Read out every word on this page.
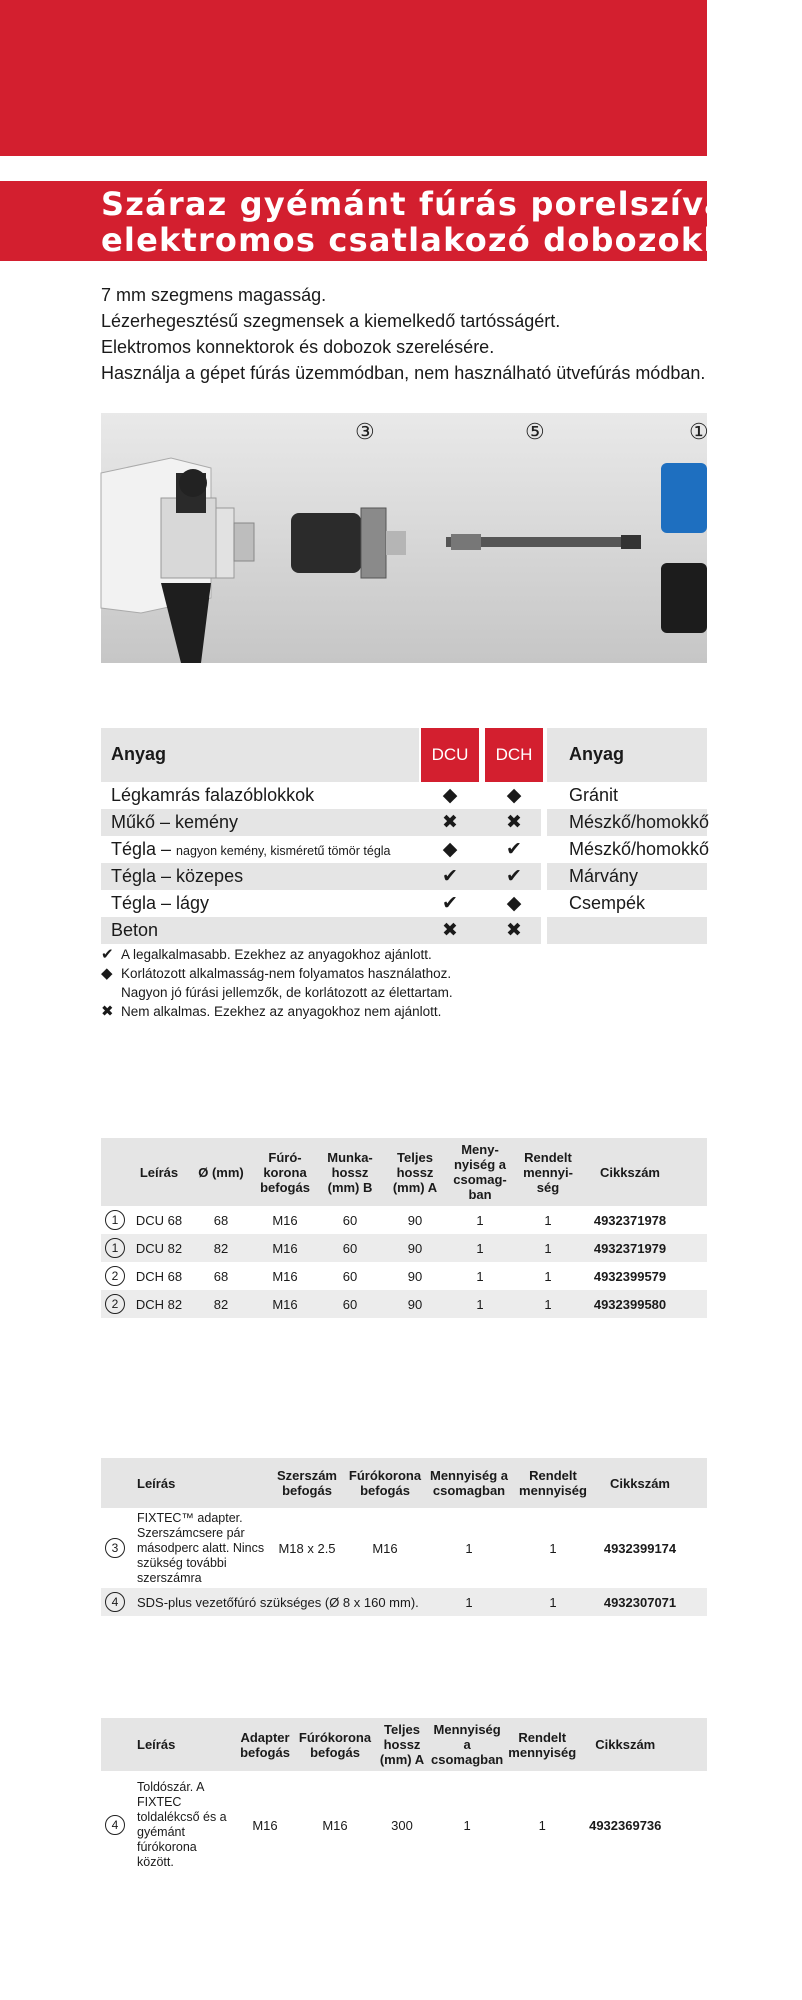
Száraz gyémánt fúrás porelszívással
elektromos csatlakozó dobozokhoz
7 mm szegmens magasság.
Lézerhegesztésű szegmensek a kiemelkedő tartósságért.
Elektromos konnektorok és dobozok szerelésére.
Használja a gépet fúrás üzemmódban, nem használható ütvefúrás módban.
③	⑤	①
Anyag	DCU	DCH	Anyag
Légkamrás falazóblokkok	◆	◆	Gránit
Műkő – kemény	✖	✖	Mészkő/homokkő
Tégla – nagyon kemény, kisméretű tömör tégla	◆	✔	Mészkő/homokkő
Tégla – közepes	✔	✔	Márvány
Tégla – lágy	✔	◆	Csempék
Beton	✖	✖
✔ A legalkalmasabb. Ezekhez az anyagokhoz ajánlott.
◆ Korlátozott alkalmasság-nem folyamatos használathoz.
Nagyon jó fúrási jellemzők, de korlátozott az élettartam.
✖ Nem alkalmas. Ezekhez az anyagokhoz nem ajánlott.
	Leírás	Ø (mm)	Fúró-korona befogás	Munka-hossz (mm) B	Teljes hossz (mm) A	Meny-nyiség a csomag-ban	Rendelt mennyi-ség	Cikkszám	
1	DCU 68	68	M16	60	90	1	1	4932371978	
1	DCU 82	82	M16	60	90	1	1	4932371979	
2	DCH 68	68	M16	60	90	1	1	4932399579	
2	DCH 82	82	M16	60	90	1	1	4932399580	
	Leírás	Szerszám befogás	Fúrókorona befogás	Mennyiség a csomagban	Rendelt mennyiség	Cikkszám	
3	FIXTEC™ adapter. Szerszámcsere pár másodperc alatt. Nincs szükség további szerszámra	M18 x 2.5	M16	1	1	4932399174	
4	SDS-plus vezetőfúró szükséges (Ø 8 x 160 mm).			1	1	4932307071	
	Leírás	Adapter befogás	Fúrókorona befogás	Teljes hossz (mm) A	Mennyiség a csomagban	Rendelt mennyiség	Cikkszám	
4	Toldószár. A FIXTEC toldalékcső és a gyémánt fúrókorona között.	M16	M16	300	1	1	4932369736	
